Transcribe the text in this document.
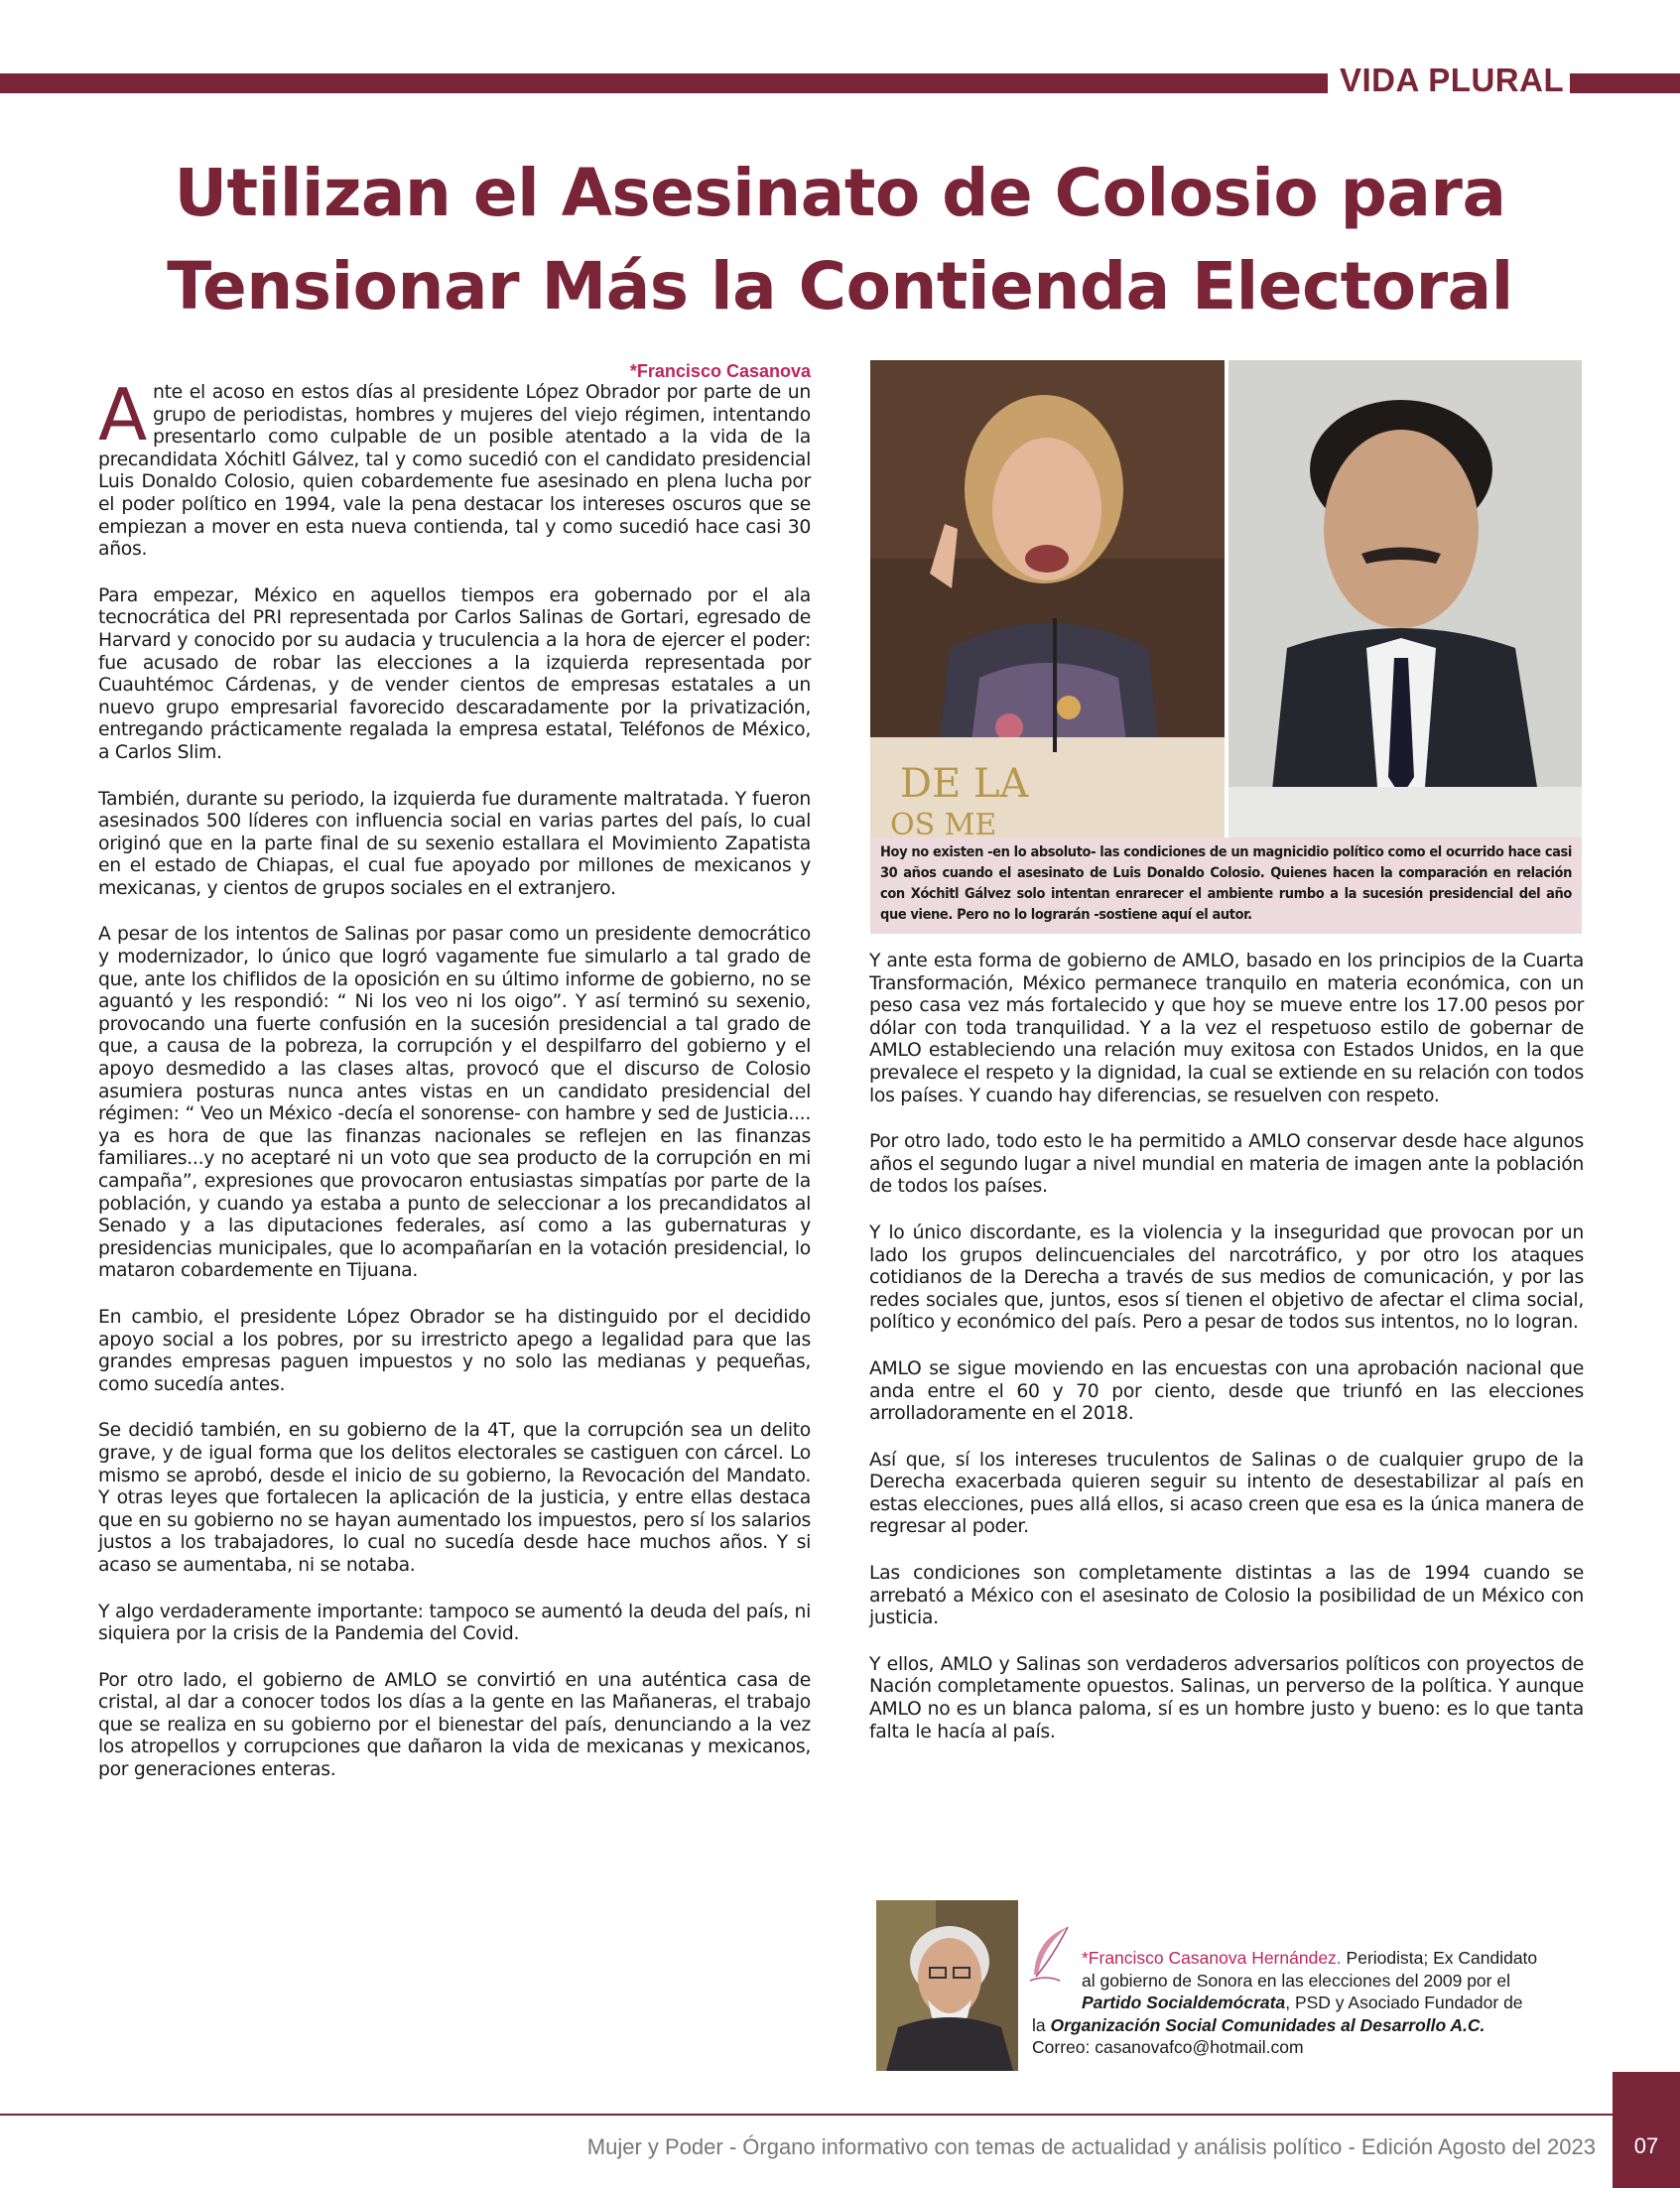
VIDA PLURAL
Utilizan el Asesinato de Colosio para
Tensionar Más la Contienda Electoral
*Francisco Casanova

Ante el acoso en estos días al presidente López Obrador por parte de un grupo de periodistas, hombres y mujeres del viejo régimen, intentando presentarlo como culpable de un posible atentado a la vida de la precandidata Xóchitl Gálvez, tal y como sucedió con el candidato presidencial Luis Donaldo Colosio, quien cobardemente fue asesinado en plena lucha por el poder político en 1994, vale la pena destacar los intereses oscuros que se empiezan a mover en esta nueva contienda, tal y como sucedió hace casi 30 años.

Para empezar, México en aquellos tiempos era gobernado por el ala tecnocrática del PRI representada por Carlos Salinas de Gortari, egresado de Harvard y conocido por su audacia y truculencia a la hora de ejercer el poder: fue acusado de robar las elecciones a la izquierda representada por Cuauhtémoc Cárdenas, y de vender cientos de empresas estatales a un nuevo grupo empresarial favorecido descaradamente por la privatización, entregando prácticamente regalada la empresa estatal, Teléfonos de México, a Carlos Slim.

También, durante su periodo, la izquierda fue duramente maltratada. Y fueron asesinados 500 líderes con influencia social en varias partes del país, lo cual originó que en la parte final de su sexenio estallara el Movimiento Zapatista en el estado de Chiapas, el cual fue apoyado por millones de mexicanos y mexicanas, y cientos de grupos sociales en el extranjero.

A pesar de los intentos de Salinas por pasar como un presidente democrático y modernizador, lo único que logró vagamente fue simularlo a tal grado de que, ante los chiflidos de la oposición en su último informe de gobierno, no se aguantó y les respondió: “ Ni los veo ni los oigo”. Y así terminó su sexenio, provocando una fuerte confusión en la sucesión presidencial a tal grado de que, a causa de la pobreza, la corrupción y el despilfarro del gobierno y el apoyo desmedido a las clases altas, provocó que el discurso de Colosio asumiera posturas nunca antes vistas en un candidato presidencial del régimen: “ Veo un México -decía el sonorense- con hambre y sed de Justicia.... ya es hora de que las finanzas nacionales se reflejen en las finanzas familiares...y no aceptaré ni un voto que sea producto de la corrupción en mi campaña”, expresiones que provocaron entusiastas simpatías por parte de la población, y cuando ya estaba a punto de seleccionar a los precandidatos al Senado y a las diputaciones federales, así como a las gubernaturas y presidencias municipales, que lo acompañarían en la votación presidencial, lo mataron cobardemente en Tijuana.

En cambio, el presidente López Obrador se ha distinguido por el decidido apoyo social a los pobres, por su irrestricto apego a legalidad para que las grandes empresas paguen impuestos y no solo las medianas y pequeñas, como sucedía antes.

Se decidió también, en su gobierno de la 4T, que la corrupción sea un delito grave, y de igual forma que los delitos electorales se castiguen con cárcel. Lo mismo se aprobó, desde el inicio de su gobierno, la Revocación del Mandato. Y otras leyes que fortalecen la aplicación de la justicia, y entre ellas destaca que en su gobierno no se hayan aumentado los impuestos, pero sí los salarios justos a los trabajadores, lo cual no sucedía desde hace muchos años. Y si acaso se aumentaba, ni se notaba.

Y algo verdaderamente importante: tampoco se aumentó la deuda del país, ni siquiera por la crisis de la Pandemia del Covid.

Por otro lado, el gobierno de AMLO se convirtió en una auténtica casa de cristal, al dar a conocer todos los días a la gente en las Mañaneras, el trabajo que se realiza en su gobierno por el bienestar del país, denunciando a la vez los atropellos y corrupciones que dañaron la vida de mexicanas y mexicanos, por generaciones enteras.

DE LA
OS ME

Hoy no existen -en lo absoluto- las condiciones de un magnicidio político como el ocurrido hace casi 30 años cuando el asesinato de Luis Donaldo Colosio. Quienes hacen la comparación en relación con Xóchitl Gálvez solo intentan enrarecer el ambiente rumbo a la sucesión presidencial del año que viene. Pero no lo lograrán -sostiene aquí el autor.

Y ante esta forma de gobierno de AMLO, basado en los principios de la Cuarta Transformación, México permanece tranquilo en materia económica, con un peso casa vez más fortalecido y que hoy se mueve entre los 17.00 pesos por dólar con toda tranquilidad. Y a la vez el respetuoso estilo de gobernar de AMLO estableciendo una relación muy exitosa con Estados Unidos, en la que prevalece el respeto y la dignidad, la cual se extiende en su relación con todos los países. Y cuando hay diferencias, se resuelven con respeto.

Por otro lado, todo esto le ha permitido a AMLO conservar desde hace algunos años el segundo lugar a nivel mundial en materia de imagen ante la población de todos los países.

Y lo único discordante, es la violencia y la inseguridad que provocan por un lado los grupos delincuenciales del narcotráfico, y por otro los ataques cotidianos de la Derecha a través de sus medios de comunicación, y por las redes sociales que, juntos, esos sí tienen el objetivo de afectar el clima social, político y económico del país. Pero a pesar de todos sus intentos, no lo logran.

AMLO se sigue moviendo en las encuestas con una aprobación nacional que anda entre el 60 y 70 por ciento, desde que triunfó en las elecciones arrolladoramente en el 2018.

Así que, sí los intereses truculentos de Salinas o de cualquier grupo de la Derecha exacerbada quieren seguir su intento de desestabilizar al país en estas elecciones, pues allá ellos, si acaso creen que esa es la única manera de regresar al poder.

Las condiciones son completamente distintas a las de 1994 cuando se arrebató a México con el asesinato de Colosio la posibilidad de un México con justicia.

Y ellos, AMLO y Salinas son verdaderos adversarios políticos con proyectos de Nación completamente opuestos. Salinas, un perverso de la política. Y aunque AMLO no es un blanca paloma, sí es un hombre justo y bueno: es lo que tanta falta le hacía al país.

*Francisco Casanova Hernández. Periodista; Ex Candidato
al gobierno de Sonora en las elecciones del 2009 por el
Partido Socialdemócrata, PSD y Asociado Fundador de
la Organización Social Comunidades al Desarrollo A.C.
Correo: casanovafco@hotmail.com
Mujer y Poder - Órgano informativo con temas de actualidad y análisis político - Edición Agosto del 2023	07
